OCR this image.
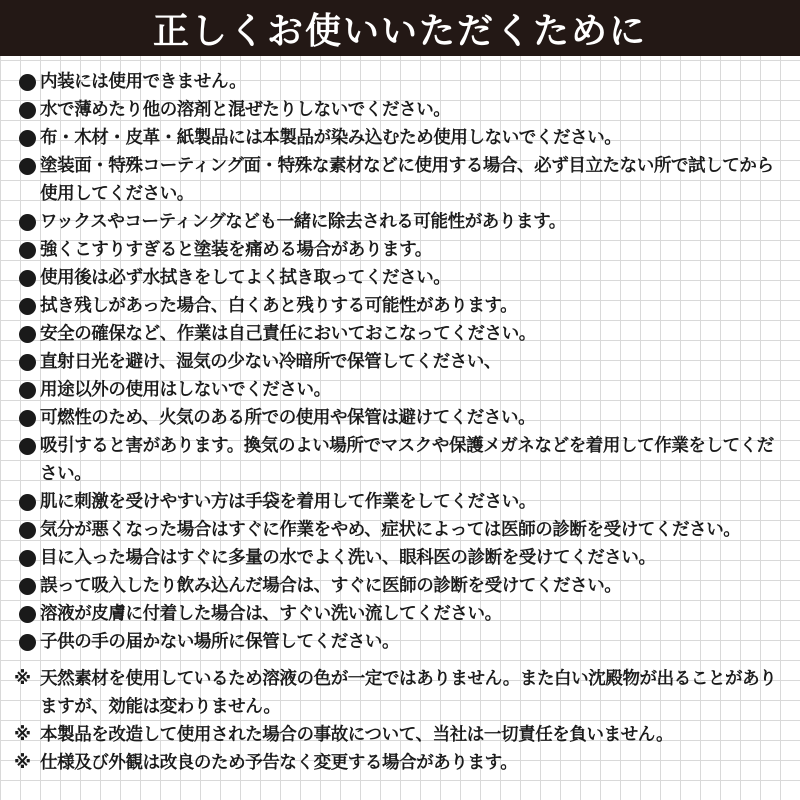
正しくお使いいただくために
内装には使用できません。
水で薄めたり他の溶剤と混ぜたりしないでください。
布・木材・皮革・紙製品には本製品が染み込むため使用しないでください。
塗装面・特殊コーティング面・特殊な素材などに使用する場合、必ず目立たない所で試してから使用してください。
ワックスやコーティングなども一緒に除去される可能性があります。
強くこすりすぎると塗装を痛める場合があります。
使用後は必ず水拭きをしてよく拭き取ってください。
拭き残しがあった場合、白くあと残りする可能性があります。
安全の確保など、作業は自己責任においておこなってください。
直射日光を避け、湿気の少ない冷暗所で保管してください、
用途以外の使用はしないでください。
可燃性のため、火気のある所での使用や保管は避けてください。
吸引すると害があります。換気のよい場所でマスクや保護メガネなどを着用して作業をしてください。
肌に刺激を受けやすい方は手袋を着用して作業をしてください。
気分が悪くなった場合はすぐに作業をやめ、症状によっては医師の診断を受けてください。
目に入った場合はすぐに多量の水でよく洗い、眼科医の診断を受けてください。
誤って吸入したり飲み込んだ場合は、すぐに医師の診断を受けてください。
溶液が皮膚に付着した場合は、すぐい洗い流してください。
子供の手の届かない場所に保管してください。
※ 天然素材を使用しているため溶液の色が一定ではありません。また白い沈殿物が出ることがありますが、効能は変わりません。
※ 本製品を改造して使用された場合の事故について、当社は一切責任を負いません。
※ 仕様及び外観は改良のため予告なく変更する場合があります。
